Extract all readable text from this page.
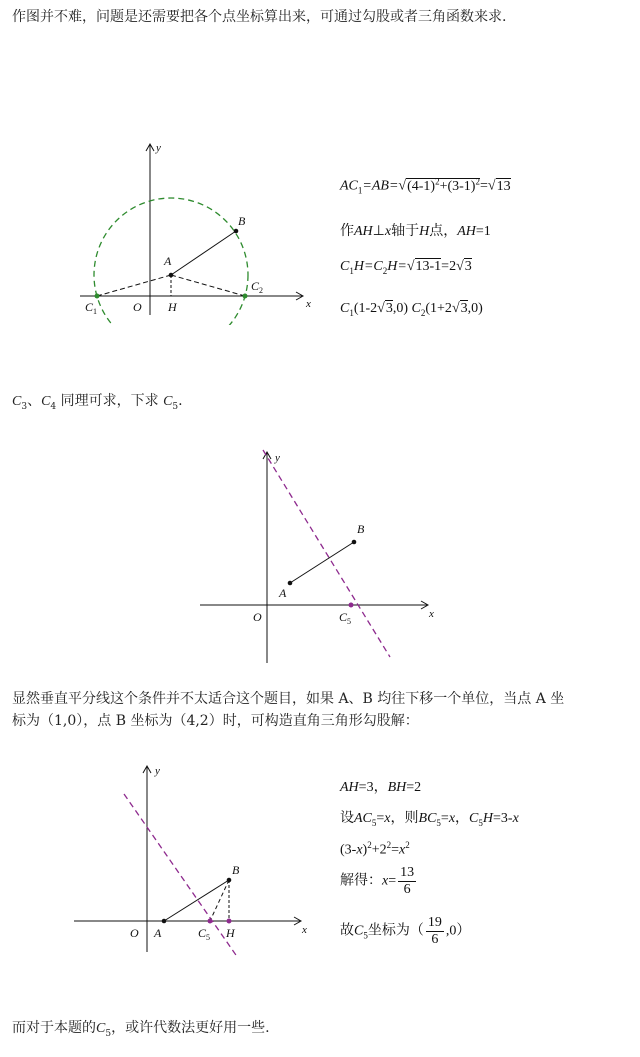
作图并不难，问题是还需要把各个点坐标算出来，可通过勾股或者三角函数来求.
y
x
O
A
B
H
$C_1$
$C_2$
$AC_1=AB=√(4-1)^2+(3-1)^2=√13$
作AH⊥x轴于H点，AH=1
$C_1H=C_2H=√13-1=2√3$
$C_1(1-2√3,0)$ $C_2(1+2√3,0)$
$C_3$、$C_4$ 同理可求，下求 $C_5$.
y
x
O
A
B
$C_5$
显然垂直平分线这个条件并不太适合这个题目，如果 A、B 均往下移一个单位，当点 A 坐
标为（1,0），点 B 坐标为（4,2）时，可构造直角三角形勾股解：
y
x
O A
B
$C_5$ H
AH=3，BH=2
设$AC_5=x$，则$BC_5=x$，$C_5H=3-x$
$(3-x)^2+2^2=x^2$
解得：$x= \frac{13}{6}$
故$C_5$坐标为（ $\frac{19}{6} ,0$）
而对于本题的$C_5$，或许代数法更好用一些.
